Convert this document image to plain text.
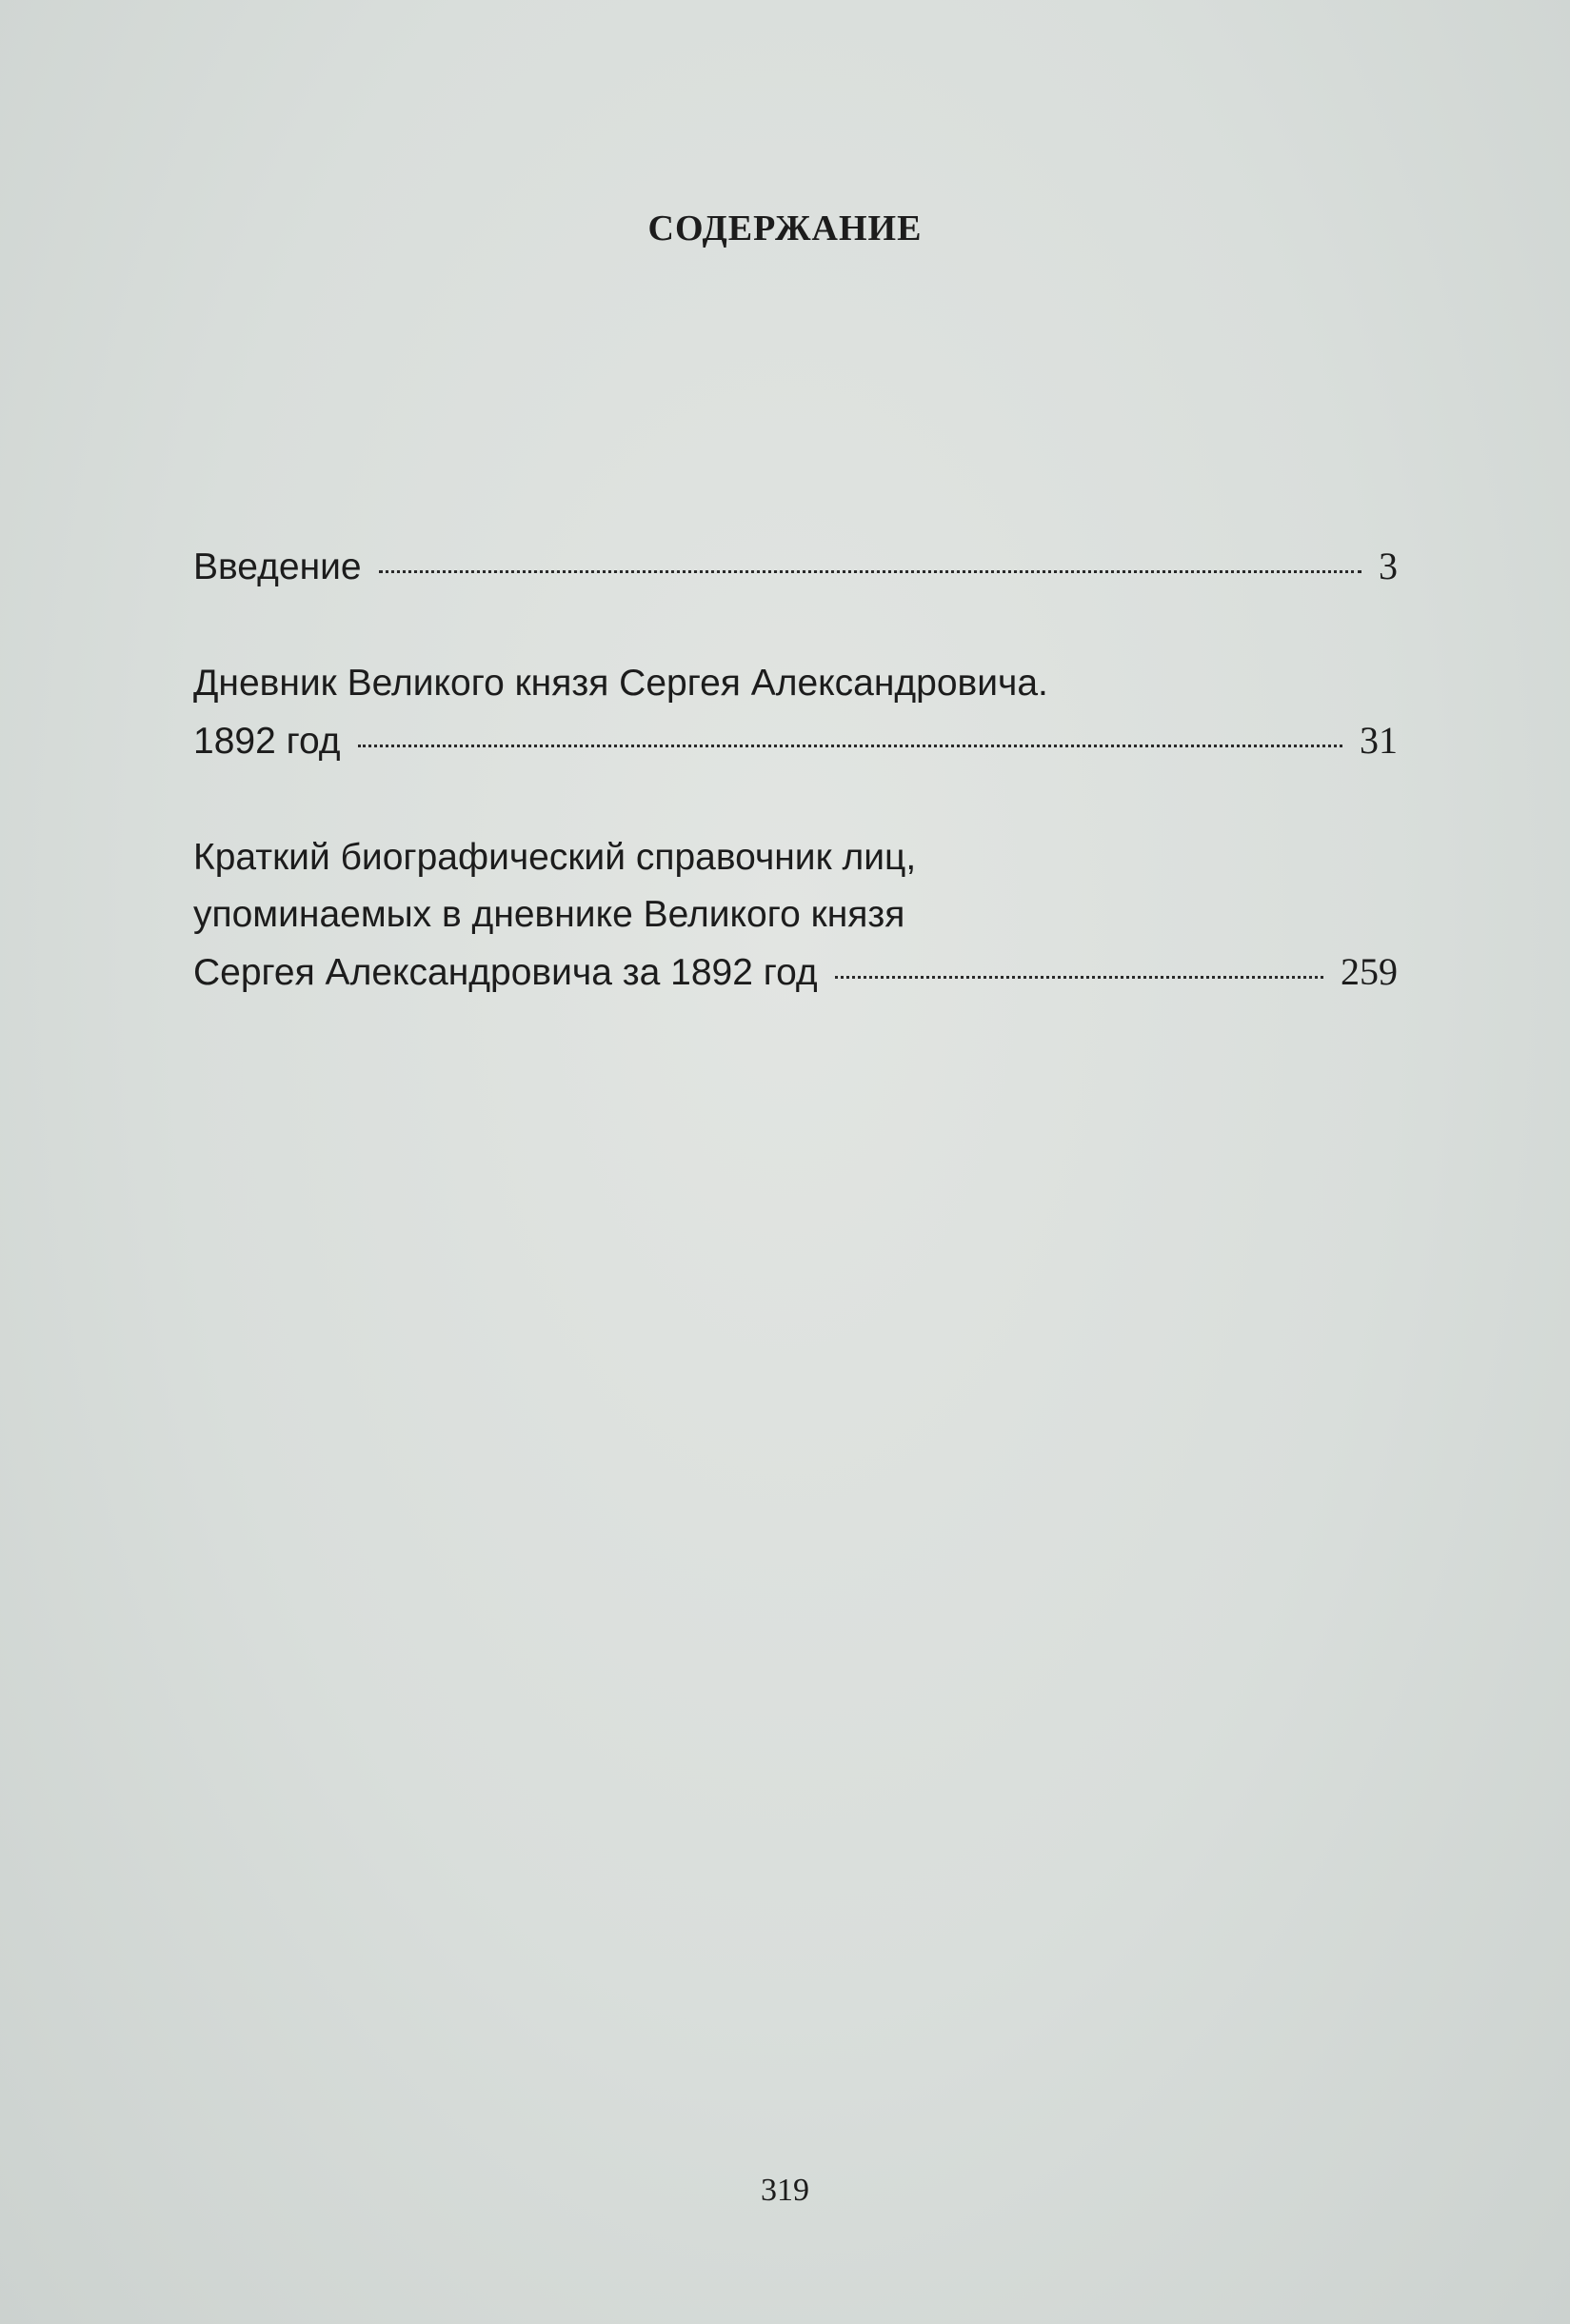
СОДЕРЖАНИЕ
Введение	3
Дневник Великого князя Сергея Александровича.
1892 год	31
Краткий биографический справочник лиц,
упоминаемых в дневнике Великого князя
Сергея Александровича за 1892 год	259
319
